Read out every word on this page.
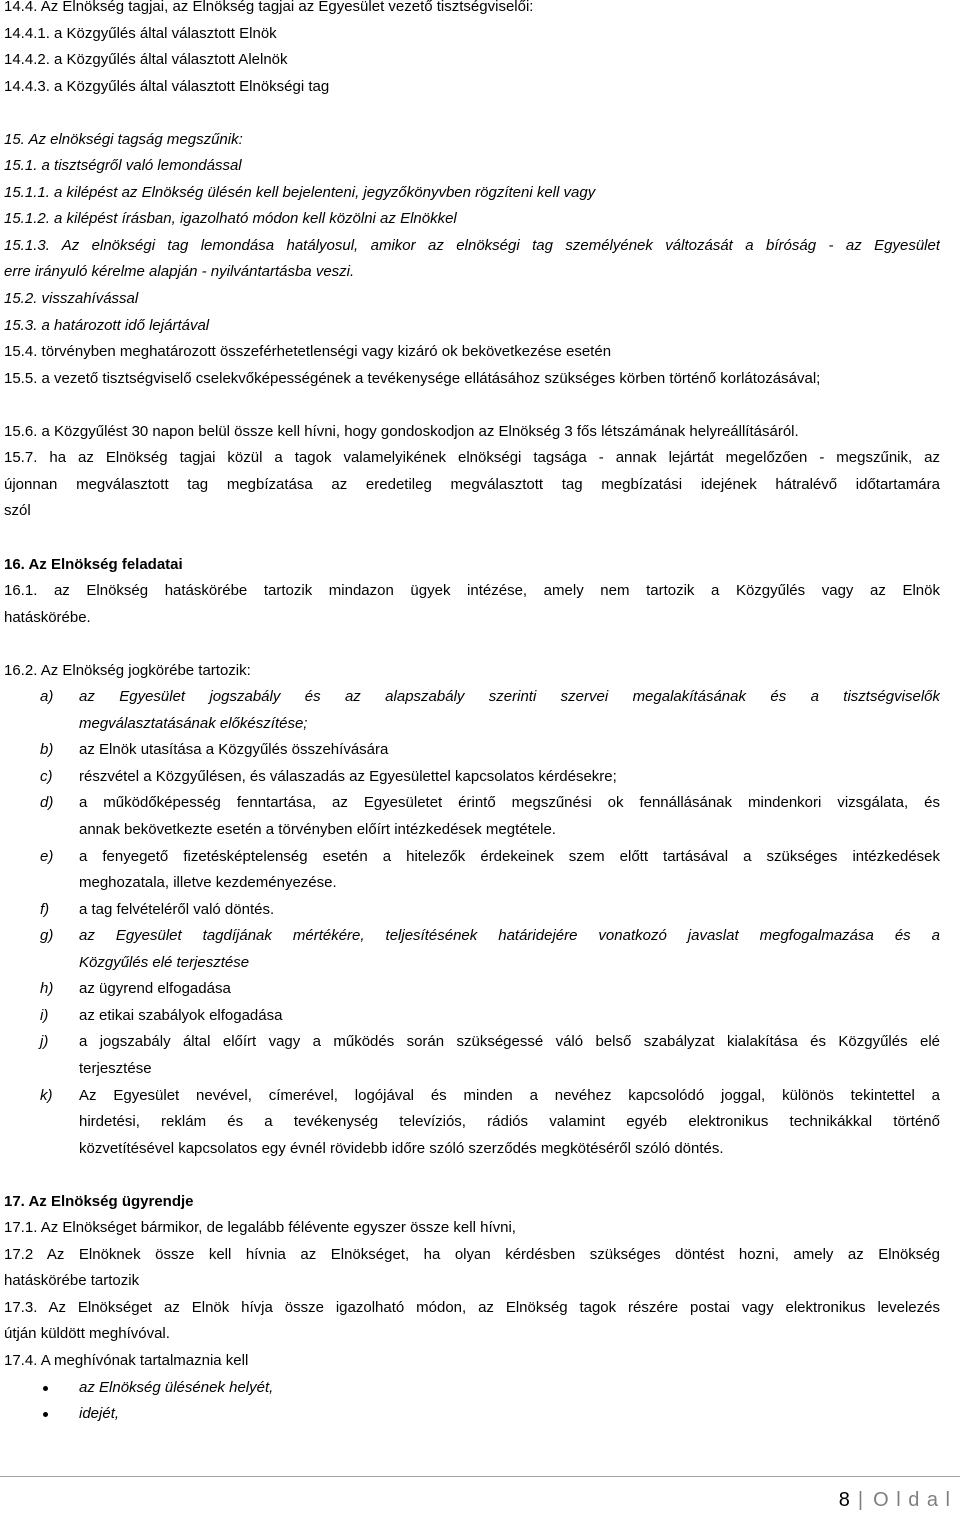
14.4. Az Elnökség tagjai, az Elnökség tagjai az Egyesület vezető tisztségviselői:
14.4.1. a Közgyűlés által választott Elnök
14.4.2. a Közgyűlés által választott Alelnök
14.4.3. a Közgyűlés által választott Elnökségi tag
15. Az elnökségi tagság megszűnik:
15.1. a tisztségről való lemondással
15.1.1. a kilépést az Elnökség ülésén kell bejelenteni, jegyzőkönyvben rögzíteni kell vagy
15.1.2. a kilépést írásban, igazolható módon kell közölni az Elnökkel
15.1.3. Az elnökségi tag lemondása hatályosul, amikor az elnökségi tag személyének változását a bíróság - az Egyesület
erre irányuló kérelme alapján - nyilvántartásba veszi.
15.2. visszahívással
15.3. a határozott idő lejártával
15.4. törvényben meghatározott összeférhetetlenségi vagy kizáró ok bekövetkezése esetén
15.5. a vezető tisztségviselő cselekvőképességének a tevékenysége ellátásához szükséges körben történő korlátozásával;
15.6. a Közgyűlést 30 napon belül össze kell hívni, hogy gondoskodjon az Elnökség 3 fős létszámának helyreállításáról.
15.7. ha az Elnökség tagjai közül a tagok valamelyikének elnökségi tagsága - annak lejártát megelőzően - megszűnik, az
újonnan megválasztott tag megbízatása az eredetileg megválasztott tag megbízatási idejének hátralévő időtartamára
szól
16. Az Elnökség feladatai
16.1. az Elnökség hatáskörébe tartozik mindazon ügyek intézése, amely nem tartozik a Közgyűlés vagy az Elnök
hatáskörébe.
16.2. Az Elnökség jogkörébe tartozik:
a) az Egyesület jogszabály és az alapszabály szerinti szervei megalakításának és a tisztségviselők
megválasztatásának előkészítése;
b) az Elnök utasítása a Közgyűlés összehívására
c) részvétel a Közgyűlésen, és válaszadás az Egyesülettel kapcsolatos kérdésekre;
d) a működőképesség fenntartása, az Egyesületet érintő megszűnési ok fennállásának mindenkori vizsgálata, és
annak bekövetkezte esetén a törvényben előírt intézkedések megtétele.
e) a fenyegető fizetésképtelenség esetén a hitelezők érdekeinek szem előtt tartásával a szükséges intézkedések
meghozatala, illetve kezdeményezése.
f) a tag felvételéről való döntés.
g) az Egyesület tagdíjának mértékére, teljesítésének határidejére vonatkozó javaslat megfogalmazása és a
Közgyűlés elé terjesztése
h) az ügyrend elfogadása
i) az etikai szabályok elfogadása
j) a jogszabály által előírt vagy a működés során szükségessé váló belső szabályzat kialakítása és Közgyűlés elé
terjesztése
k) Az Egyesület nevével, címerével, logójával és minden a nevéhez kapcsolódó joggal, különös tekintettel a
hirdetési, reklám és a tevékenység televíziós, rádiós valamint egyéb elektronikus technikákkal történő
közvetítésével kapcsolatos egy évnél rövidebb időre szóló szerződés megkötéséről szóló döntés.
17. Az Elnökség ügyrendje
17.1. Az Elnökséget bármikor, de legalább félévente egyszer össze kell hívni,
17.2 Az Elnöknek össze kell hívnia az Elnökséget, ha olyan kérdésben szükséges döntést hozni, amely az Elnökség
hatáskörébe tartozik
17.3. Az Elnökséget az Elnök hívja össze igazolható módon, az Elnökség tagok részére postai vagy elektronikus levelezés
útján küldött meghívóval.
17.4. A meghívónak tartalmaznia kell
az Elnökség ülésének helyét,
idejét,
8 | O l d a l
